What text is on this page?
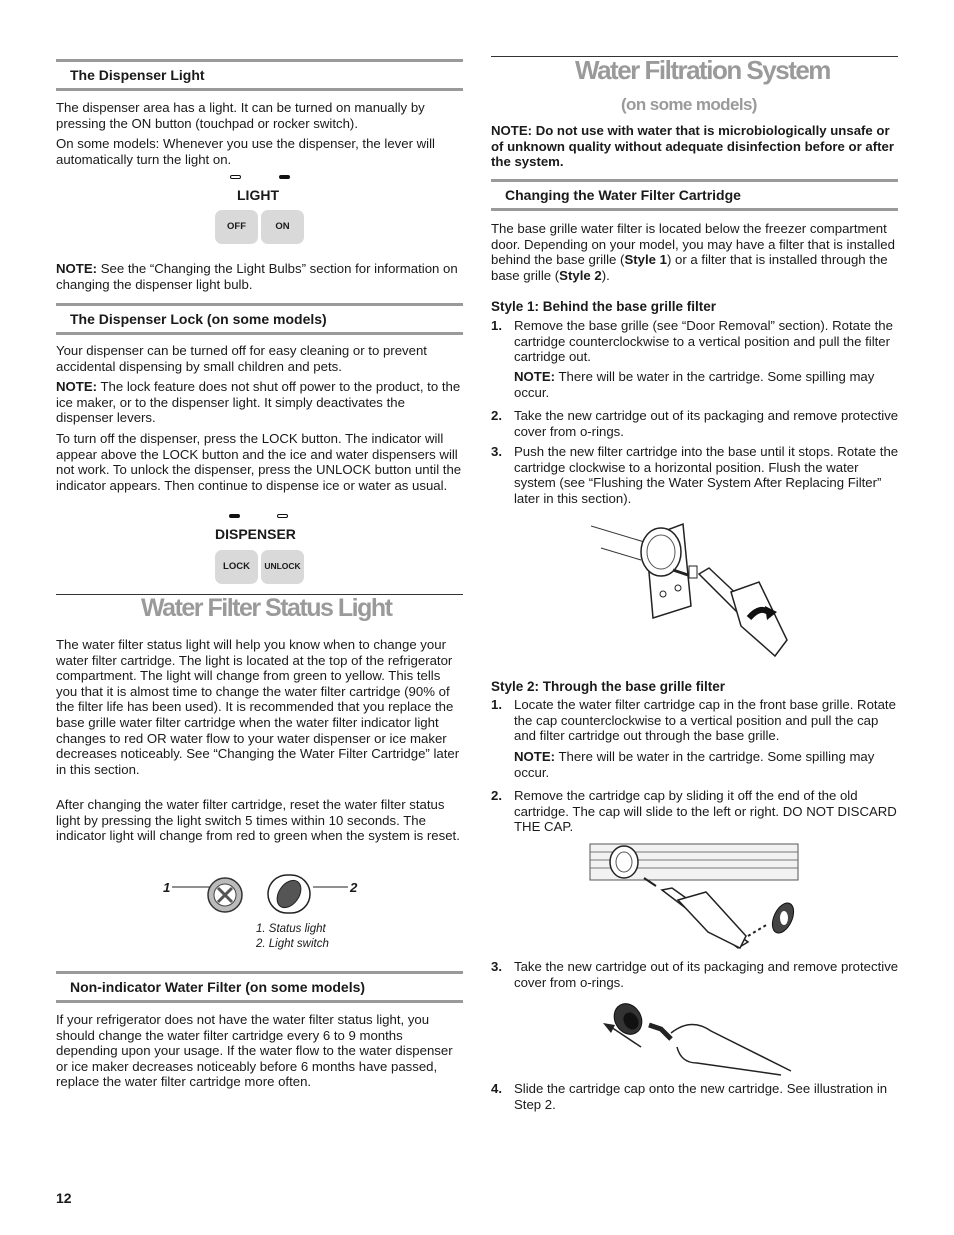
The Dispenser Light

The dispenser area has a light. It can be turned on manually by pressing the ON button (touchpad or rocker switch).

On some models: Whenever you use the dispenser, the lever will automatically turn the light on.

LIGHT
OFF	ON

NOTE: See the “Changing the Light Bulbs” section for information on changing the dispenser light bulb.

The Dispenser Lock (on some models)

Your dispenser can be turned off for easy cleaning or to prevent accidental dispensing by small children and pets.

NOTE: The lock feature does not shut off power to the product, to the ice maker, or to the dispenser light. It simply deactivates the dispenser levers.

To turn off the dispenser, press the LOCK button. The indicator will appear above the LOCK button and the ice and water dispensers will not work. To unlock the dispenser, press the UNLOCK button until the indicator appears. Then continue to dispense ice or water as usual.

DISPENSER
LOCK	UNLOCK
Water Filter Status Light

The water filter status light will help you know when to change your water filter cartridge. The light is located at the top of the refrigerator compartment. The light will change from green to yellow. This tells you that it is almost time to change the water filter cartridge (90% of the filter life has been used). It is recommended that you replace the base grille water filter cartridge when the water filter indicator light changes to red OR water flow to your water dispenser or ice maker decreases noticeably. See “Changing the Water Filter Cartridge” later in this section.

After changing the water filter cartridge, reset the water filter status light by pressing the light switch 5 times within 10 seconds. The indicator light will change from red to green when the system is reset.

1	2
1. Status light
2. Light switch
Non-indicator Water Filter (on some models)

If your refrigerator does not have the water filter status light, you should change the water filter cartridge every 6 to 9 months depending upon your usage. If the water flow to the water dispenser or ice maker decreases noticeably before 6 months have passed, replace the water filter cartridge more often.

12
Water Filtration System
(on some models)

NOTE: Do not use with water that is microbiologically unsafe or of unknown quality without adequate disinfection before or after the system.

Changing the Water Filter Cartridge

The base grille water filter is located below the freezer compartment door. Depending on your model, you may have a filter that is installed behind the base grille (Style 1) or a filter that is installed through the base grille (Style 2).

Style 1: Behind the base grille filter
1. Remove the base grille (see “Door Removal” section). Rotate the cartridge counterclockwise to a vertical position and pull the filter cartridge out.

NOTE: There will be water in the cartridge. Some spilling may occur.

2. Take the new cartridge out of its packaging and remove protective cover from o-rings.

3. Push the new filter cartridge into the base until it stops. Rotate the cartridge clockwise to a horizontal position. Flush the water system (see “Flushing the Water System After Replacing Filter” later in this section).

Style 2: Through the base grille filter
1. Locate the water filter cartridge cap in the front base grille. Rotate the cap counterclockwise to a vertical position and pull the cap and filter cartridge out through the base grille.

NOTE: There will be water in the cartridge. Some spilling may occur.

2. Remove the cartridge cap by sliding it off the end of the old cartridge. The cap will slide to the left or right. DO NOT DISCARD THE CAP.

3. Take the new cartridge out of its packaging and remove protective cover from o-rings.

4. Slide the cartridge cap onto the new cartridge. See illustration in Step 2.
